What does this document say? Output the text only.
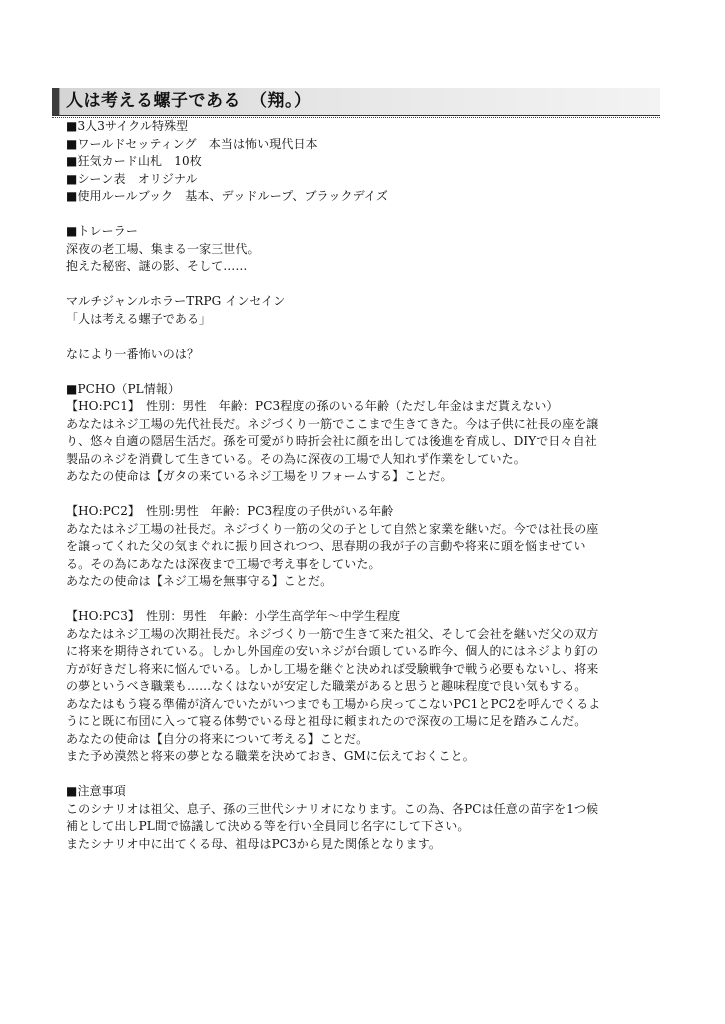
人は考える螺子である　（翔。）
■3人3サイクル特殊型
■ワールドセッティング　本当は怖い現代日本
■狂気カード山札　10枚
■シーン表　オリジナル
■使用ルールブック　基本、デッドループ、ブラックデイズ
■トレーラー
深夜の老工場、集まる一家三世代。
抱えた秘密、謎の影、そして……
マルチジャンルホラーTRPG インセイン
「人は考える螺子である」
なにより一番怖いのは？
■PCHO（PL情報）
【HO:PC1】　性別：男性　年齢：PC3程度の孫のいる年齢（ただし年金はまだ貰えない）
あなたはネジ工場の先代社長だ。ネジづくり一筋でここまで生きてきた。今は子供に社長の座を譲
り、悠々自適の隠居生活だ。孫を可愛がり時折会社に顔を出しては後進を育成し、DIYで日々自社
製品のネジを消費して生きている。その為に深夜の工場で人知れず作業をしていた。
あなたの使命は【ガタの来ているネジ工場をリフォームする】ことだ。
【HO:PC2】　性別:男性　年齢：PC3程度の子供がいる年齢
あなたはネジ工場の社長だ。ネジづくり一筋の父の子として自然と家業を継いだ。今では社長の座
を譲ってくれた父の気まぐれに振り回されつつ、思春期の我が子の言動や将来に頭を悩ませてい
る。その為にあなたは深夜まで工場で考え事をしていた。
あなたの使命は【ネジ工場を無事守る】ことだ。
【HO:PC3】　性別：男性　年齢：小学生高学年～中学生程度
あなたはネジ工場の次期社長だ。ネジづくり一筋で生きて来た祖父、そして会社を継いだ父の双方
に将来を期待されている。しかし外国産の安いネジが台頭している昨今、個人的にはネジより釘の
方が好きだし将来に悩んでいる。しかし工場を継ぐと決めれば受験戦争で戦う必要もないし、将来
の夢というべき職業も……なくはないが安定した職業があると思うと趣味程度で良い気もする。
あなたはもう寝る準備が済んでいたがいつまでも工場から戻ってこないPC1とPC2を呼んでくるよ
うにと既に布団に入って寝る体勢でいる母と祖母に頼まれたので深夜の工場に足を踏みこんだ。
あなたの使命は【自分の将来について考える】ことだ。
また予め漠然と将来の夢となる職業を決めておき、GMに伝えておくこと。
■注意事項
このシナリオは祖父、息子、孫の三世代シナリオになります。この為、各PCは任意の苗字を1つ候
補として出しPL間で協議して決める等を行い全員同じ名字にして下さい。
またシナリオ中に出てくる母、祖母はPC3から見た関係となります。
